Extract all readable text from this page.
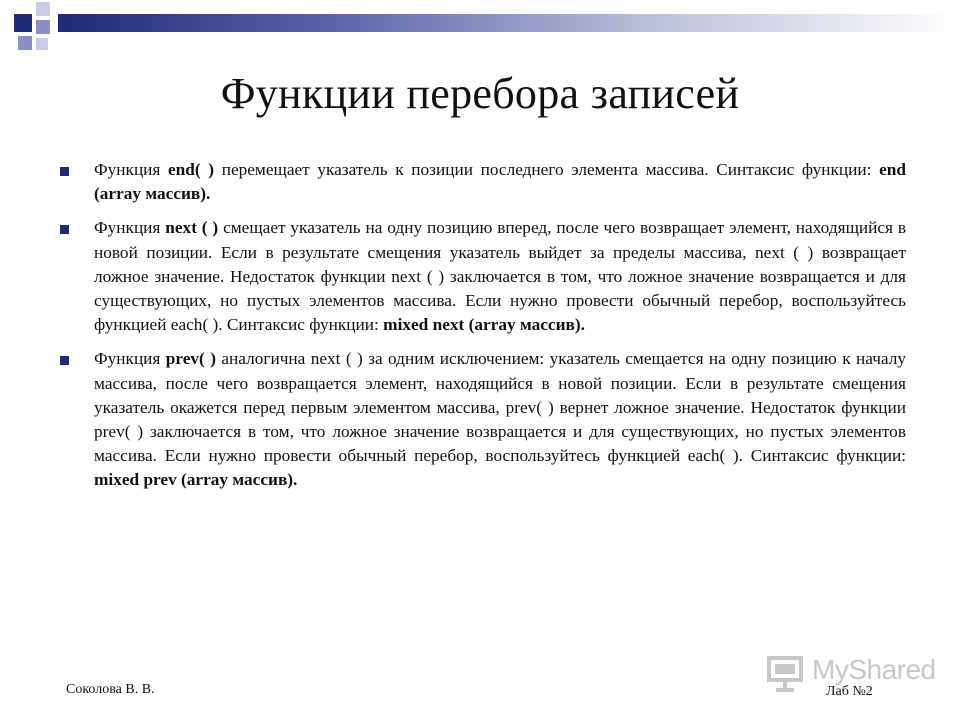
Функции перебора записей

Функция end( ) перемещает указатель к позиции последнего элемента массива. Синтаксис функции: end (array массив).

Функция next ( ) смещает указатель на одну позицию вперед, после чего возвращает элемент, находящийся в новой позиции. Если в результате смещения указатель выйдет за пределы массива, next ( ) возвращает ложное значение. Недостаток функции next ( ) заключается в том, что ложное значение возвращается и для существующих, но пустых элементов массива. Если нужно провести обычный перебор, воспользуйтесь функцией each( ). Синтаксис функции: mixed next (array массив).

Функция prev( ) аналогична next ( ) за одним исключением: указатель смещается на одну позицию к началу массива, после чего возвращается элемент, находящийся в новой позиции. Если в результате смещения указатель окажется перед первым элементом массива, prev( ) вернет ложное значение. Недостаток функции prev( ) заключается в том, что ложное значение возвращается и для существующих, но пустых элементов массива. Если нужно провести обычный перебор, воспользуйтесь функцией each( ). Синтаксис функции: mixed prev (array массив).

MyShared
Соколова В. В.	Лаб №2
